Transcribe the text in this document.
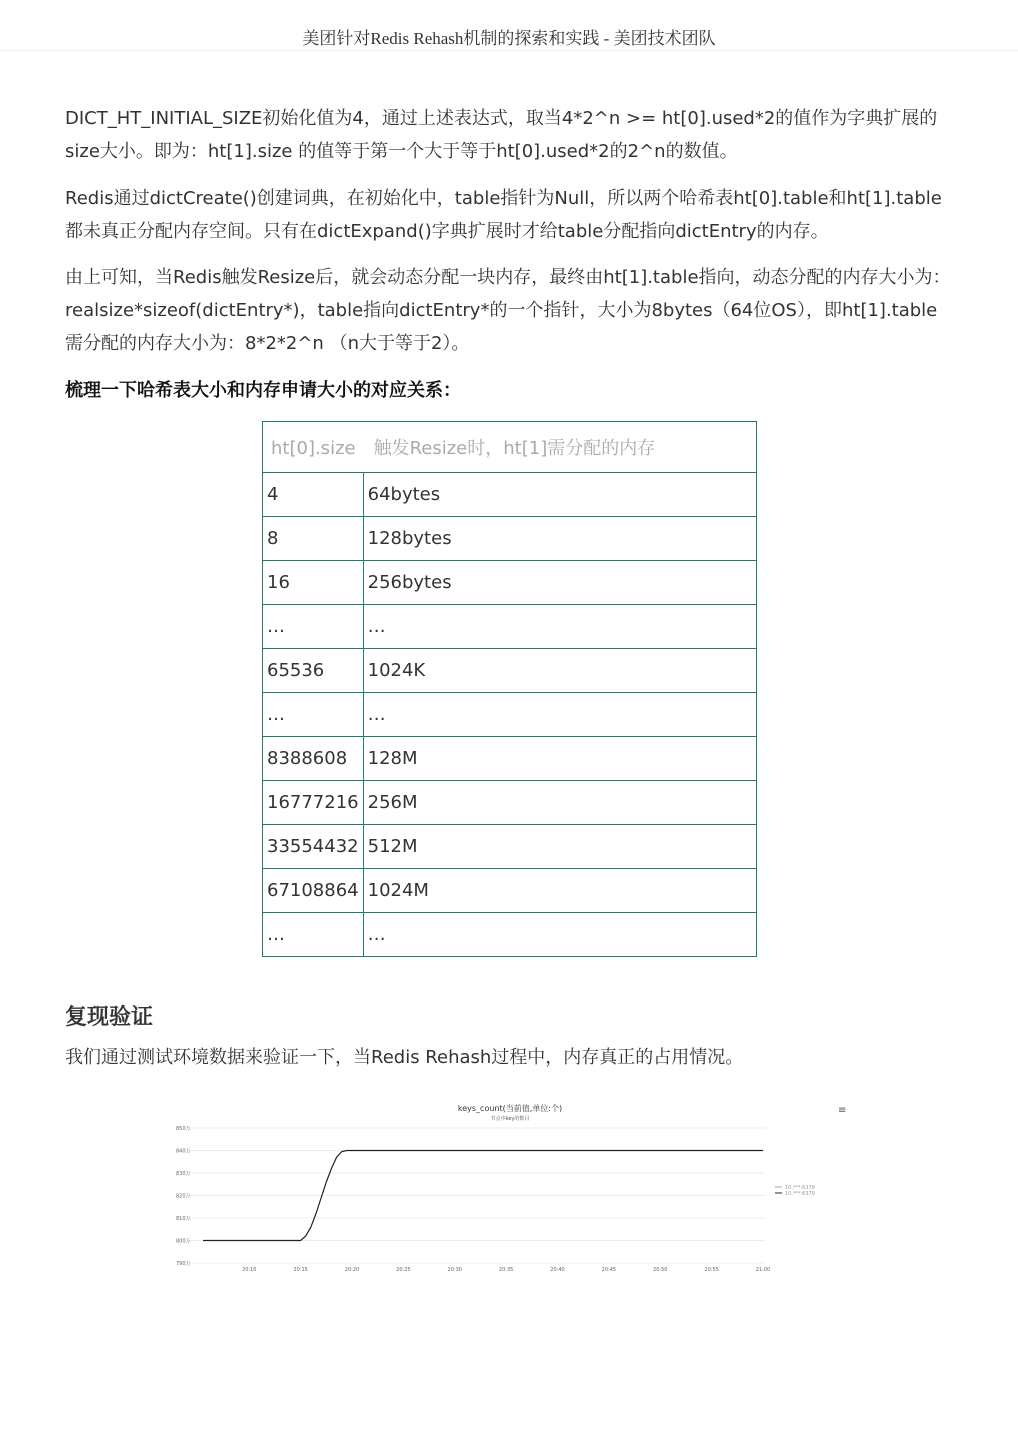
美团针对Redis Rehash机制的探索和实践 - 美团技术团队
DICT_HT_INITIAL_SIZE初始化值为4，通过上述表达式，取当4*2^n >= ht[0].used*2的值作为字典扩展的size大小。即为：ht[1].size 的值等于第一个大于等于ht[0].used*2的2^n的数值。
Redis通过dictCreate()创建词典，在初始化中，table指针为Null，所以两个哈希表ht[0].table和ht[1].table都未真正分配内存空间。只有在dictExpand()字典扩展时才给table分配指向dictEntry的内存。
由上可知，当Redis触发Resize后，就会动态分配一块内存，最终由ht[1].table指向，动态分配的内存大小为：realsize*sizeof(dictEntry*)，table指向dictEntry*的一个指针，大小为8bytes（64位OS），即ht[1].table需分配的内存大小为：8*2*2^n （n大于等于2）。
梳理一下哈希表大小和内存申请大小的对应关系：
ht[0].size　触发Resize时，ht[1]需分配的内存	
4	64bytes
8	128bytes
16	256bytes
…	…
65536	1024K
…	…
8388608	128M
16777216	256M
33554432	512M
67108864	1024M
…	…
复现验证
我们通过测试环境数据来验证一下，当Redis Rehash过程中，内存真正的占用情况。
keys_count(当前值,单位:个)
节点中key的数目
≡
790万
800万
810万
820万
830万
840万
850万
20:10	20:15	20:20	20:25	20:30	20:35	20:40	20:45	20:50	20:55	21:00
10.***:6379
10.***:6379
